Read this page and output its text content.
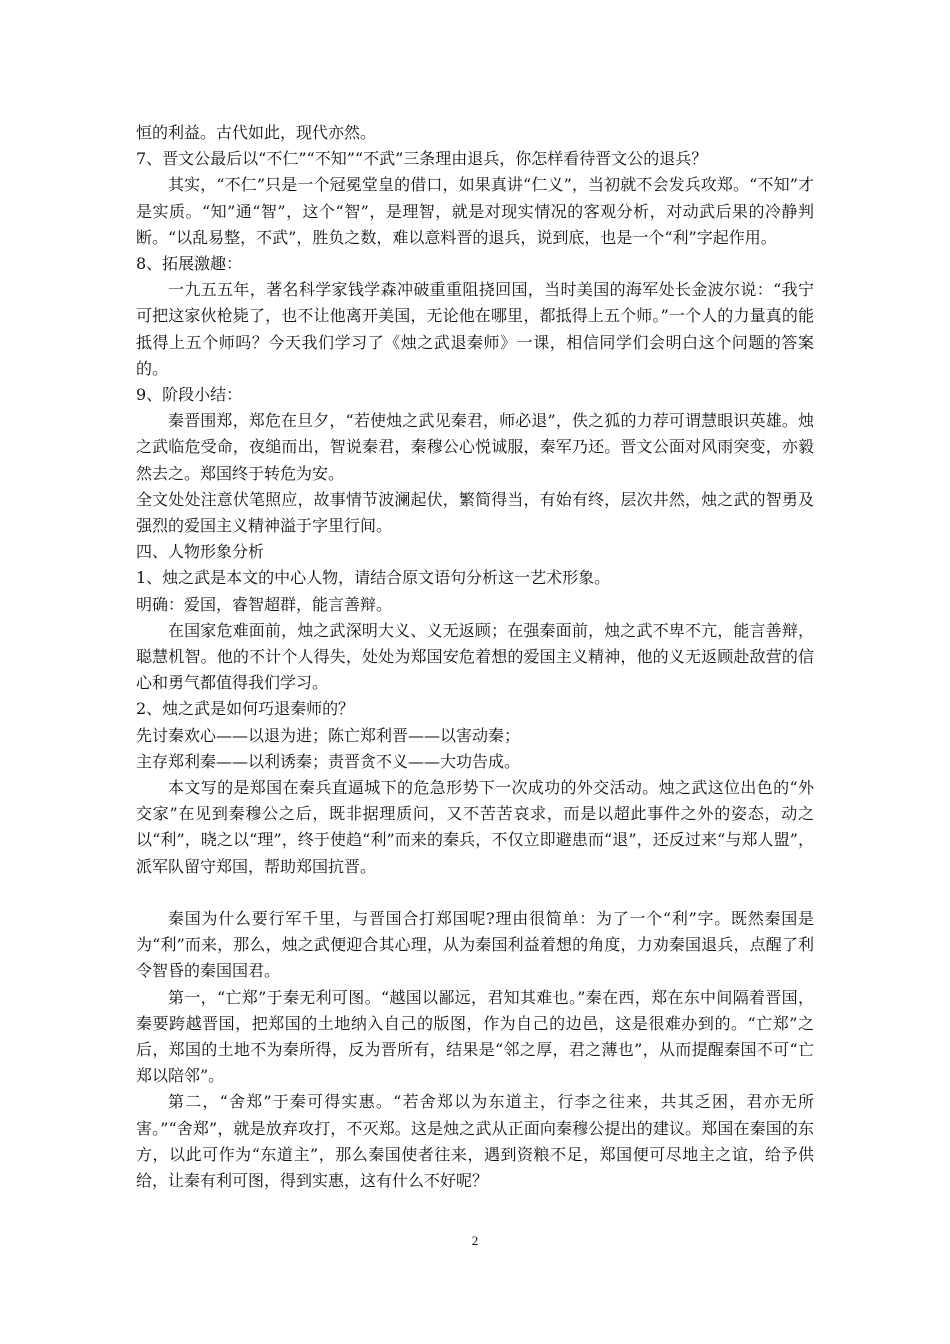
恒的利益。古代如此，现代亦然。

7、晋文公最后以“不仁”“不知”“不武”三条理由退兵，你怎样看待晋文公的退兵？

其实，“不仁”只是一个冠冕堂皇的借口，如果真讲“仁义”，当初就不会发兵攻郑。“不知”才是实质。“知”通“智”，这个“智”，是理智，就是对现实情况的客观分析，对动武后果的冷静判断。“以乱易整，不武”，胜负之数，难以意料晋的退兵，说到底，也是一个“利”字起作用。

8、拓展激趣：

一九五五年，著名科学家钱学森冲破重重阻挠回国，当时美国的海军处长金波尔说：“我宁可把这家伙枪毙了，也不让他离开美国，无论他在哪里，都抵得上五个师。”一个人的力量真的能抵得上五个师吗？今天我们学习了《烛之武退秦师》一课，相信同学们会明白这个问题的答案的。

9、阶段小结：

秦晋围郑，郑危在旦夕，“若使烛之武见秦君，师必退”，佚之狐的力荐可谓慧眼识英雄。烛之武临危受命，夜缒而出，智说秦君，秦穆公心悦诚服，秦军乃还。晋文公面对风雨突变，亦毅然去之。郑国终于转危为安。

全文处处注意伏笔照应，故事情节波澜起伏，繁简得当，有始有终，层次井然，烛之武的智勇及强烈的爱国主义精神溢于字里行间。

四、人物形象分析

1、烛之武是本文的中心人物，请结合原文语句分析这一艺术形象。

明确：爱国，睿智超群，能言善辩。

在国家危难面前，烛之武深明大义、义无返顾；在强秦面前，烛之武不卑不亢，能言善辩，聪慧机智。他的不计个人得失，处处为郑国安危着想的爱国主义精神，他的义无返顾赴敌营的信心和勇气都值得我们学习。

2、烛之武是如何巧退秦师的？

先讨秦欢心——以退为进；陈亡郑利晋——以害动秦；

主存郑利秦——以利诱秦；责晋贪不义——大功告成。

本文写的是郑国在秦兵直逼城下的危急形势下一次成功的外交活动。烛之武这位出色的“外交家”在见到秦穆公之后，既非据理质问，又不苦苦哀求，而是以超此事件之外的姿态，动之以“利”，晓之以“理”，终于使趋“利”而来的秦兵，不仅立即避患而“退”，还反过来“与郑人盟”，派军队留守郑国，帮助郑国抗晋。

秦国为什么要行军千里，与晋国合打郑国呢?理由很简单：为了一个“利”字。既然秦国是为“利”而来，那么，烛之武便迎合其心理，从为秦国利益着想的角度，力劝秦国退兵，点醒了利令智昏的秦国国君。

第一，“亡郑”于秦无利可图。“越国以鄙远，君知其难也。”秦在西，郑在东中间隔着晋国，秦要跨越晋国，把郑国的土地纳入自己的版图，作为自己的边邑，这是很难办到的。“亡郑”之后，郑国的土地不为秦所得，反为晋所有，结果是“邻之厚，君之薄也”，从而提醒秦国不可“亡郑以陪邻”。

第二，“舍郑”于秦可得实惠。“若舍郑以为东道主，行李之往来，共其乏困，君亦无所害。”“舍郑”，就是放弃攻打，不灭郑。这是烛之武从正面向秦穆公提出的建议。郑国在秦国的东方，以此可作为“东道主”，那么秦国使者往来，遇到资粮不足，郑国便可尽地主之谊，给予供给，让秦有利可图，得到实惠，这有什么不好呢？

2
